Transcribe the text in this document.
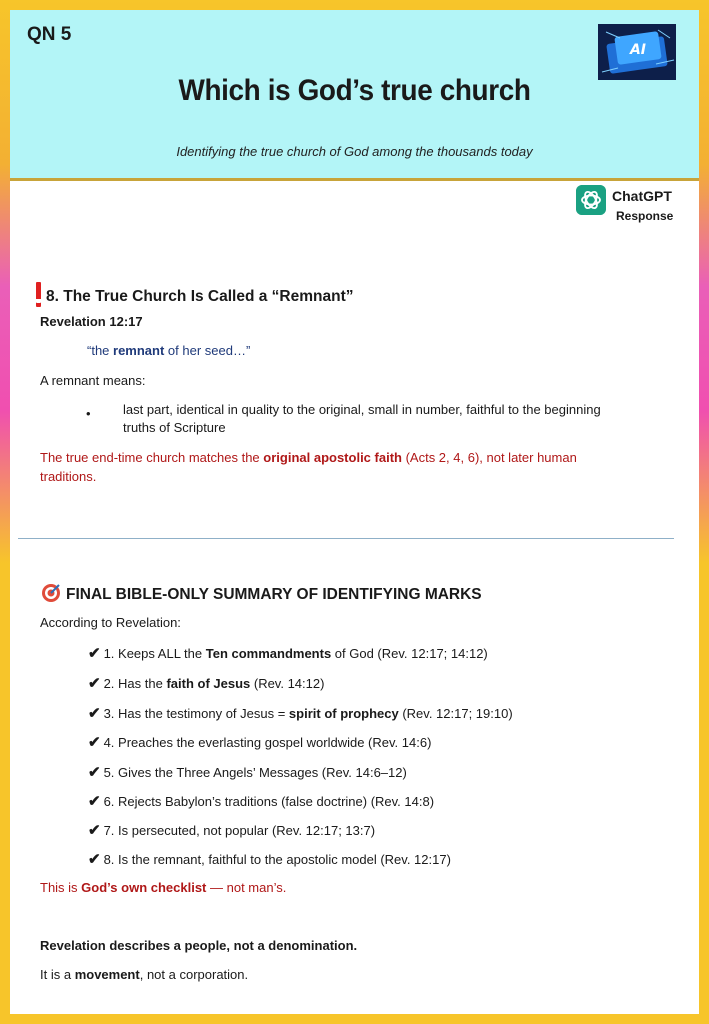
QN 5
Which is God’s true church
Identifying the true church of God among the thousands today
AI
ChatGPT
Response
8. The True Church Is Called a “Remnant”
Revelation 12:17
“the remnant of her seed…”
A remnant means:
• last part, identical in quality to the original, small in number, faithful to the beginning
truths of Scripture
The true end-time church matches the original apostolic faith (Acts 2, 4, 6), not later human
traditions.
FINAL BIBLE-ONLY SUMMARY OF IDENTIFYING MARKS
According to Revelation:
✔ 1. Keeps ALL the Ten commandments of God (Rev. 12:17; 14:12)
✔ 2. Has the faith of Jesus (Rev. 14:12)
✔ 3. Has the testimony of Jesus = spirit of prophecy (Rev. 12:17; 19:10)
✔ 4. Preaches the everlasting gospel worldwide (Rev. 14:6)
✔ 5. Gives the Three Angels’ Messages (Rev. 14:6–12)
✔ 6. Rejects Babylon’s traditions (false doctrine) (Rev. 14:8)
✔ 7. Is persecuted, not popular (Rev. 12:17; 13:7)
✔ 8. Is the remnant, faithful to the apostolic model (Rev. 12:17)
This is God’s own checklist — not man’s.
Revelation describes a people, not a denomination.
It is a movement, not a corporation.
